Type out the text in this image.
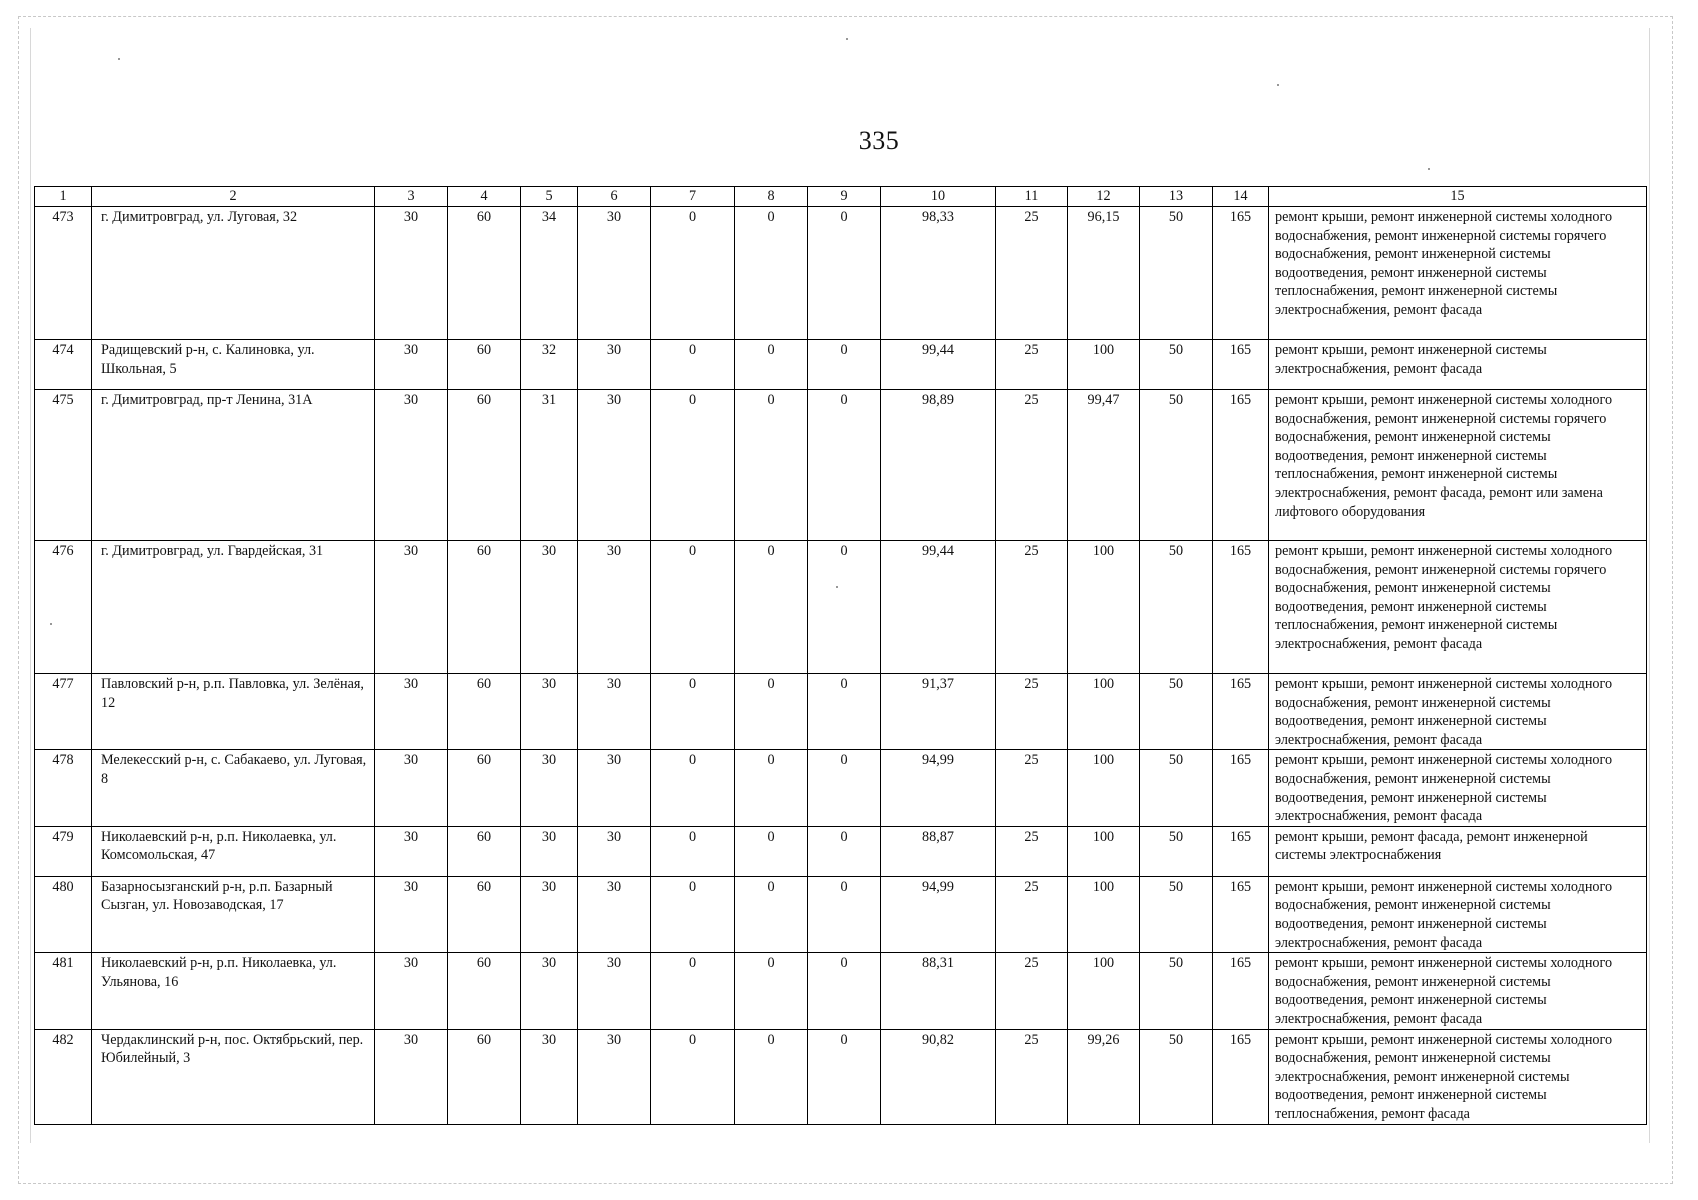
335
1	2	3	4	5	6	7	8	9	10	11	12	13	14	15
473	г. Димитровград, ул. Луговая, 32	30	60	34	30	0	0	0	98,33	25	96,15	50	165	ремонт крыши, ремонт инженерной системы холодного водоснабжения, ремонт инженерной системы горячего водоснабжения, ремонт инженерной системы водоотведения, ремонт инженерной системы теплоснабжения, ремонт инженерной системы электроснабжения, ремонт фасада
474	Радищевский р-н, с. Калиновка, ул. Школьная, 5	30	60	32	30	0	0	0	99,44	25	100	50	165	ремонт крыши, ремонт инженерной системы электроснабжения, ремонт фасада
475	г. Димитровград, пр-т Ленина, 31А	30	60	31	30	0	0	0	98,89	25	99,47	50	165	ремонт крыши, ремонт инженерной системы холодного водоснабжения, ремонт инженерной системы горячего водоснабжения, ремонт инженерной системы водоотведения, ремонт инженерной системы теплоснабжения, ремонт инженерной системы электроснабжения, ремонт фасада, ремонт или замена лифтового оборудования
476	г. Димитровград, ул. Гвардейская, 31	30	60	30	30	0	0	0	99,44	25	100	50	165	ремонт крыши, ремонт инженерной системы холодного водоснабжения, ремонт инженерной системы горячего водоснабжения, ремонт инженерной системы водоотведения, ремонт инженерной системы теплоснабжения, ремонт инженерной системы электроснабжения, ремонт фасада
477	Павловский р-н, р.п. Павловка, ул. Зелёная, 12	30	60	30	30	0	0	0	91,37	25	100	50	165	ремонт крыши, ремонт инженерной системы холодного водоснабжения, ремонт инженерной системы водоотведения, ремонт инженерной системы электроснабжения, ремонт фасада
478	Мелекесский р-н, с. Сабакаево, ул. Луговая, 8	30	60	30	30	0	0	0	94,99	25	100	50	165	ремонт крыши, ремонт инженерной системы холодного водоснабжения, ремонт инженерной системы водоотведения, ремонт инженерной системы электроснабжения, ремонт фасада
479	Николаевский р-н, р.п. Николаевка, ул. Комсомольская, 47	30	60	30	30	0	0	0	88,87	25	100	50	165	ремонт крыши, ремонт фасада, ремонт инженерной системы электроснабжения
480	Базарносызганский р-н, р.п. Базарный Сызган, ул. Новозаводская, 17	30	60	30	30	0	0	0	94,99	25	100	50	165	ремонт крыши, ремонт инженерной системы холодного водоснабжения, ремонт инженерной системы водоотведения, ремонт инженерной системы электроснабжения, ремонт фасада
481	Николаевский р-н, р.п. Николаевка, ул. Ульянова, 16	30	60	30	30	0	0	0	88,31	25	100	50	165	ремонт крыши, ремонт инженерной системы холодного водоснабжения, ремонт инженерной системы водоотведения, ремонт инженерной системы электроснабжения, ремонт фасада
482	Чердаклинский р-н, пос. Октябрьский, пер. Юбилейный, 3	30	60	30	30	0	0	0	90,82	25	99,26	50	165	ремонт крыши, ремонт инженерной системы холодного водоснабжения, ремонт инженерной системы электроснабжения, ремонт инженерной системы водоотведения, ремонт инженерной системы теплоснабжения, ремонт фасада
